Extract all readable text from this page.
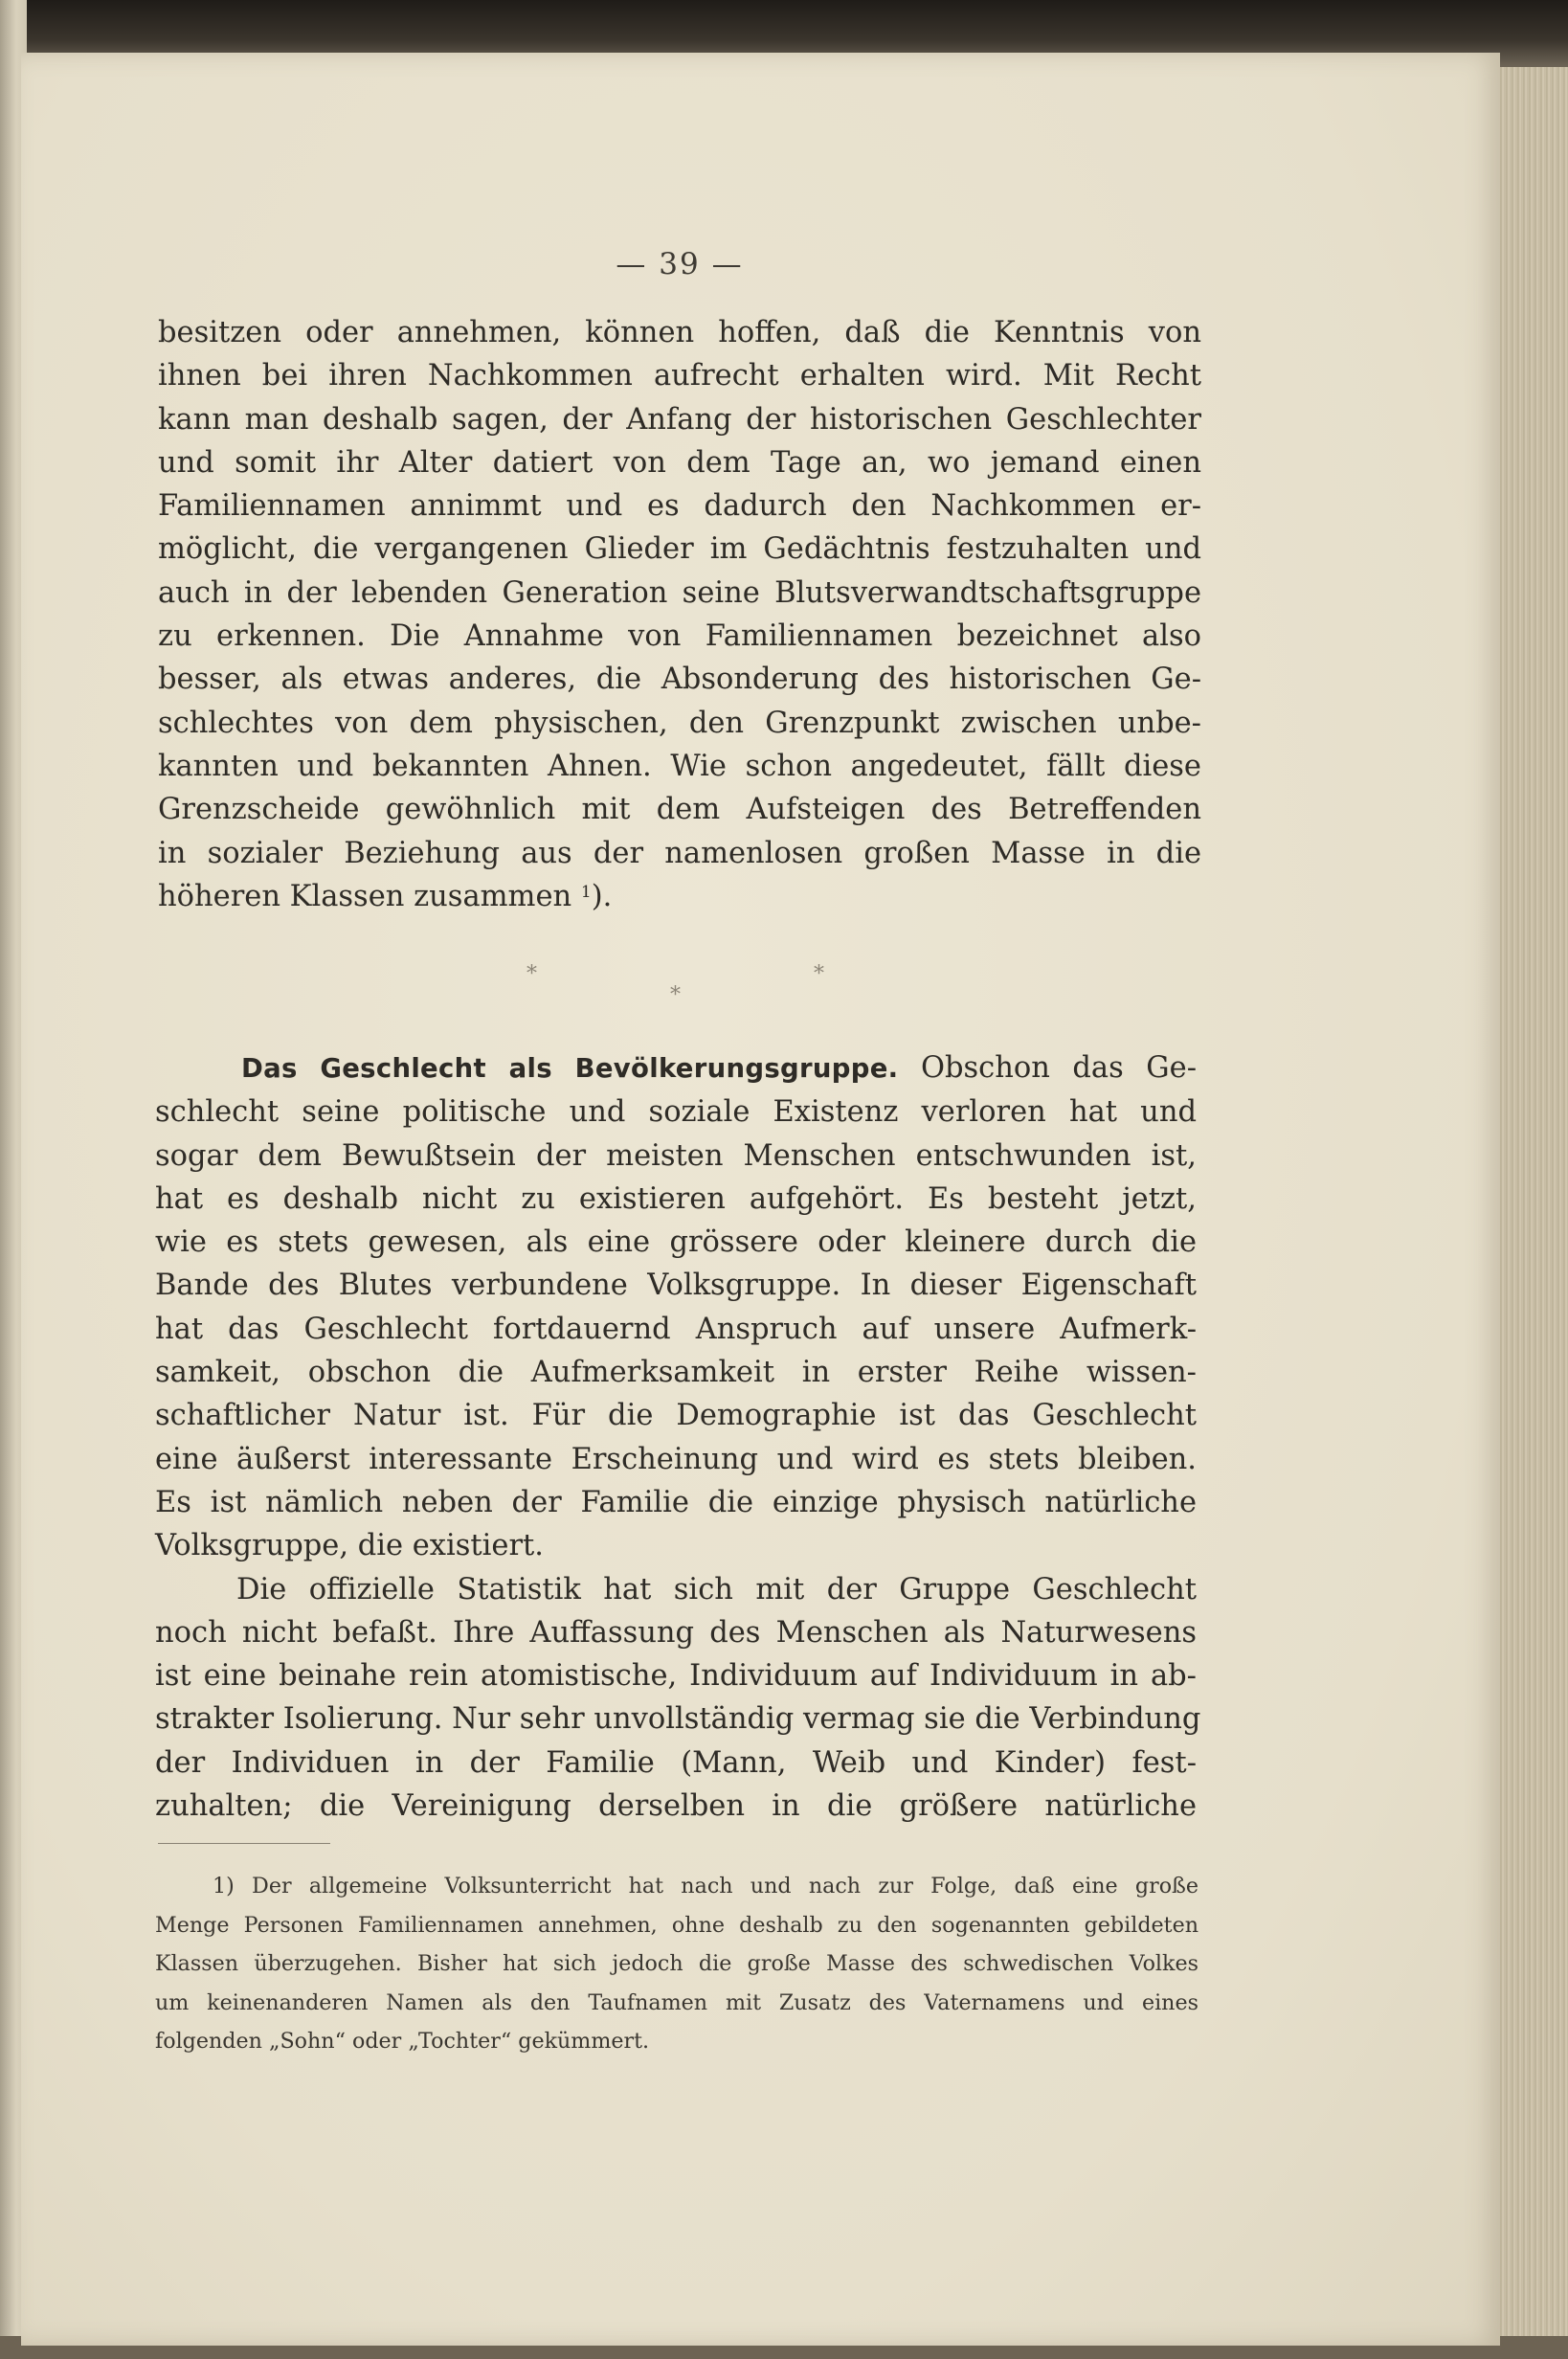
— 39 —
besitzen oder annehmen, können hoffen, daß die Kenntnis von
ihnen bei ihren Nachkommen aufrecht erhalten wird. Mit Recht
kann man deshalb sagen, der Anfang der historischen Geschlechter
und somit ihr Alter datiert von dem Tage an, wo jemand einen
Familiennamen annimmt und es dadurch den Nachkommen er-
möglicht, die vergangenen Glieder im Gedächtnis festzuhalten und
auch in der lebenden Generation seine Blutsverwandtschaftsgruppe
zu erkennen. Die Annahme von Familiennamen bezeichnet also
besser, als etwas anderes, die Absonderung des historischen Ge-
schlechtes von dem physischen, den Grenzpunkt zwischen unbe-
kannten und bekannten Ahnen. Wie schon angedeutet, fällt diese
Grenzscheide gewöhnlich mit dem Aufsteigen des Betreffenden
in sozialer Beziehung aus der namenlosen großen Masse in die
höheren Klassen zusammen $^1$).
*
*
*
Das Geschlecht als Bevölkerungsgruppe. Obschon das Ge-
schlecht seine politische und soziale Existenz verloren hat und
sogar dem Bewußtsein der meisten Menschen entschwunden ist,
hat es deshalb nicht zu existieren aufgehört. Es besteht jetzt,
wie es stets gewesen, als eine grössere oder kleinere durch die
Bande des Blutes verbundene Volksgruppe. In dieser Eigenschaft
hat das Geschlecht fortdauernd Anspruch auf unsere Aufmerk-
samkeit, obschon die Aufmerksamkeit in erster Reihe wissen-
schaftlicher Natur ist. Für die Demographie ist das Geschlecht
eine äußerst interessante Erscheinung und wird es stets bleiben.
Es ist nämlich neben der Familie die einzige physisch natürliche
Volksgruppe, die existiert.
Die offizielle Statistik hat sich mit der Gruppe Geschlecht
noch nicht befaßt. Ihre Auffassung des Menschen als Naturwesens
ist eine beinahe rein atomistische, Individuum auf Individuum in ab-
strakter Isolierung. Nur sehr unvollständig vermag sie die Verbindung
der Individuen in der Familie (Mann, Weib und Kinder) fest-
zuhalten; die Vereinigung derselben in die größere natürliche
1) Der allgemeine Volksunterricht hat nach und nach zur Folge, daß eine große
Menge Personen Familiennamen annehmen, ohne deshalb zu den sogenannten gebildeten
Klassen überzugehen. Bisher hat sich jedoch die große Masse des schwedischen Volkes
um keinenanderen Namen als den Taufnamen mit Zusatz des Vaternamens und eines
folgenden „Sohn“ oder „Tochter“ gekümmert.
